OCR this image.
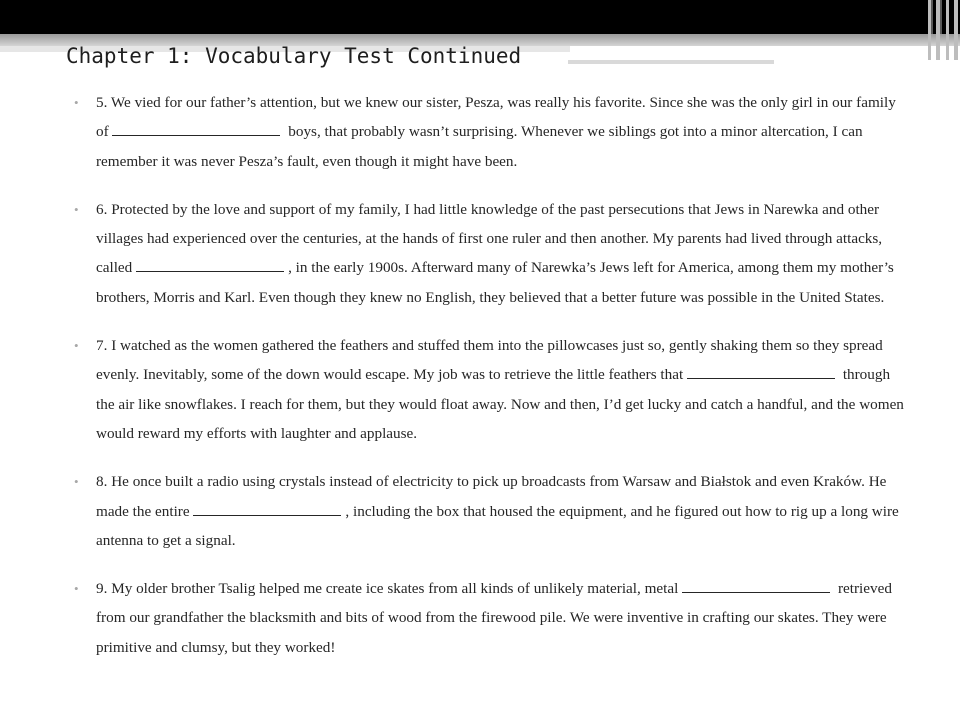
Chapter 1: Vocabulary Test Continued
• 5. We vied for our father’s attention, but we knew our sister, Pesza, was really his favorite. Since she was the only girl in our family of	boys, that probably wasn’t surprising. Whenever we siblings got into a minor altercation, I can remember it was never Pesza’s fault, even though it might have been.
• 6. Protected by the love and support of my family, I had little knowledge of the past persecutions that Jews in Narewka and other villages had experienced over the centuries, at the hands of first one ruler and then another. My parents had lived through attacks, called	, in the early 1900s. Afterward many of Narewka’s Jews left for America, among them my mother’s brothers, Morris and Karl. Even though they knew no English, they believed that a better future was possible in the United States.
• 7. I watched as the women gathered the feathers and stuffed them into the pillowcases just so, gently shaking them so they spread evenly. Inevitably, some of the down would escape. My job was to retrieve the little feathers that	through the air like snowflakes. I reach for them, but they would float away. Now and then, I’d get lucky and catch a handful, and the women would reward my efforts with laughter and applause.
• 8. He once built a radio using crystals instead of electricity to pick up broadcasts from Warsaw and Białstok and even Kraków. He made the entire	, including the box that housed the equipment, and he figured out how to rig up a long wire antenna to get a signal.
• 9. My older brother Tsalig helped me create ice skates from all kinds of unlikely material, metal	retrieved from our grandfather the blacksmith and bits of wood from the firewood pile. We were inventive in crafting our skates. They were primitive and clumsy, but they worked!
